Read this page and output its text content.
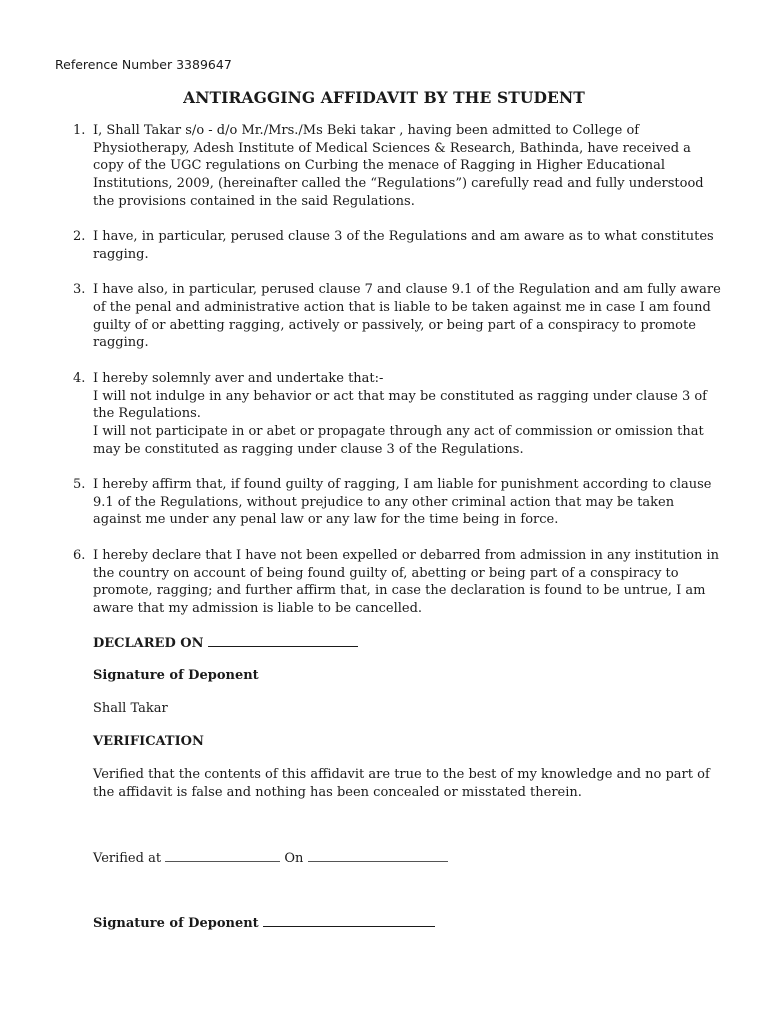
Reference Number 3389647
ANTIRAGGING AFFIDAVIT BY THE STUDENT
1. I, Shall Takar s/o - d/o Mr./Mrs./Ms Beki takar , having been admitted to College of
Physiotherapy, Adesh Institute of Medical Sciences & Research, Bathinda, have received a
copy of the UGC regulations on Curbing the menace of Ragging in Higher Educational
Institutions, 2009, (hereinafter called the “Regulations”) carefully read and fully understood
the provisions contained in the said Regulations.
2. I have, in particular, perused clause 3 of the Regulations and am aware as to what constitutes
ragging.
3. I have also, in particular, perused clause 7 and clause 9.1 of the Regulation and am fully aware
of the penal and administrative action that is liable to be taken against me in case I am found
guilty of or abetting ragging, actively or passively, or being part of a conspiracy to promote
ragging.
4. I hereby solemnly aver and undertake that:-
I will not indulge in any behavior or act that may be constituted as ragging under clause 3 of
the Regulations.
I will not participate in or abet or propagate through any act of commission or omission that
may be constituted as ragging under clause 3 of the Regulations.
5. I hereby affirm that, if found guilty of ragging, I am liable for punishment according to clause
9.1 of the Regulations, without prejudice to any other criminal action that may be taken
against me under any penal law or any law for the time being in force.
6. I hereby declare that I have not been expelled or debarred from admission in any institution in
the country on account of being found guilty of, abetting or being part of a conspiracy to
promote, ragging; and further affirm that, in case the declaration is found to be untrue, I am
aware that my admission is liable to be cancelled.
DECLARED ON
Signature of Deponent
Shall Takar
VERIFICATION
Verified that the contents of this affidavit are true to the best of my knowledge and no part of
the affidavit is false and nothing has been concealed or misstated therein.
Verified at	On
Signature of Deponent
